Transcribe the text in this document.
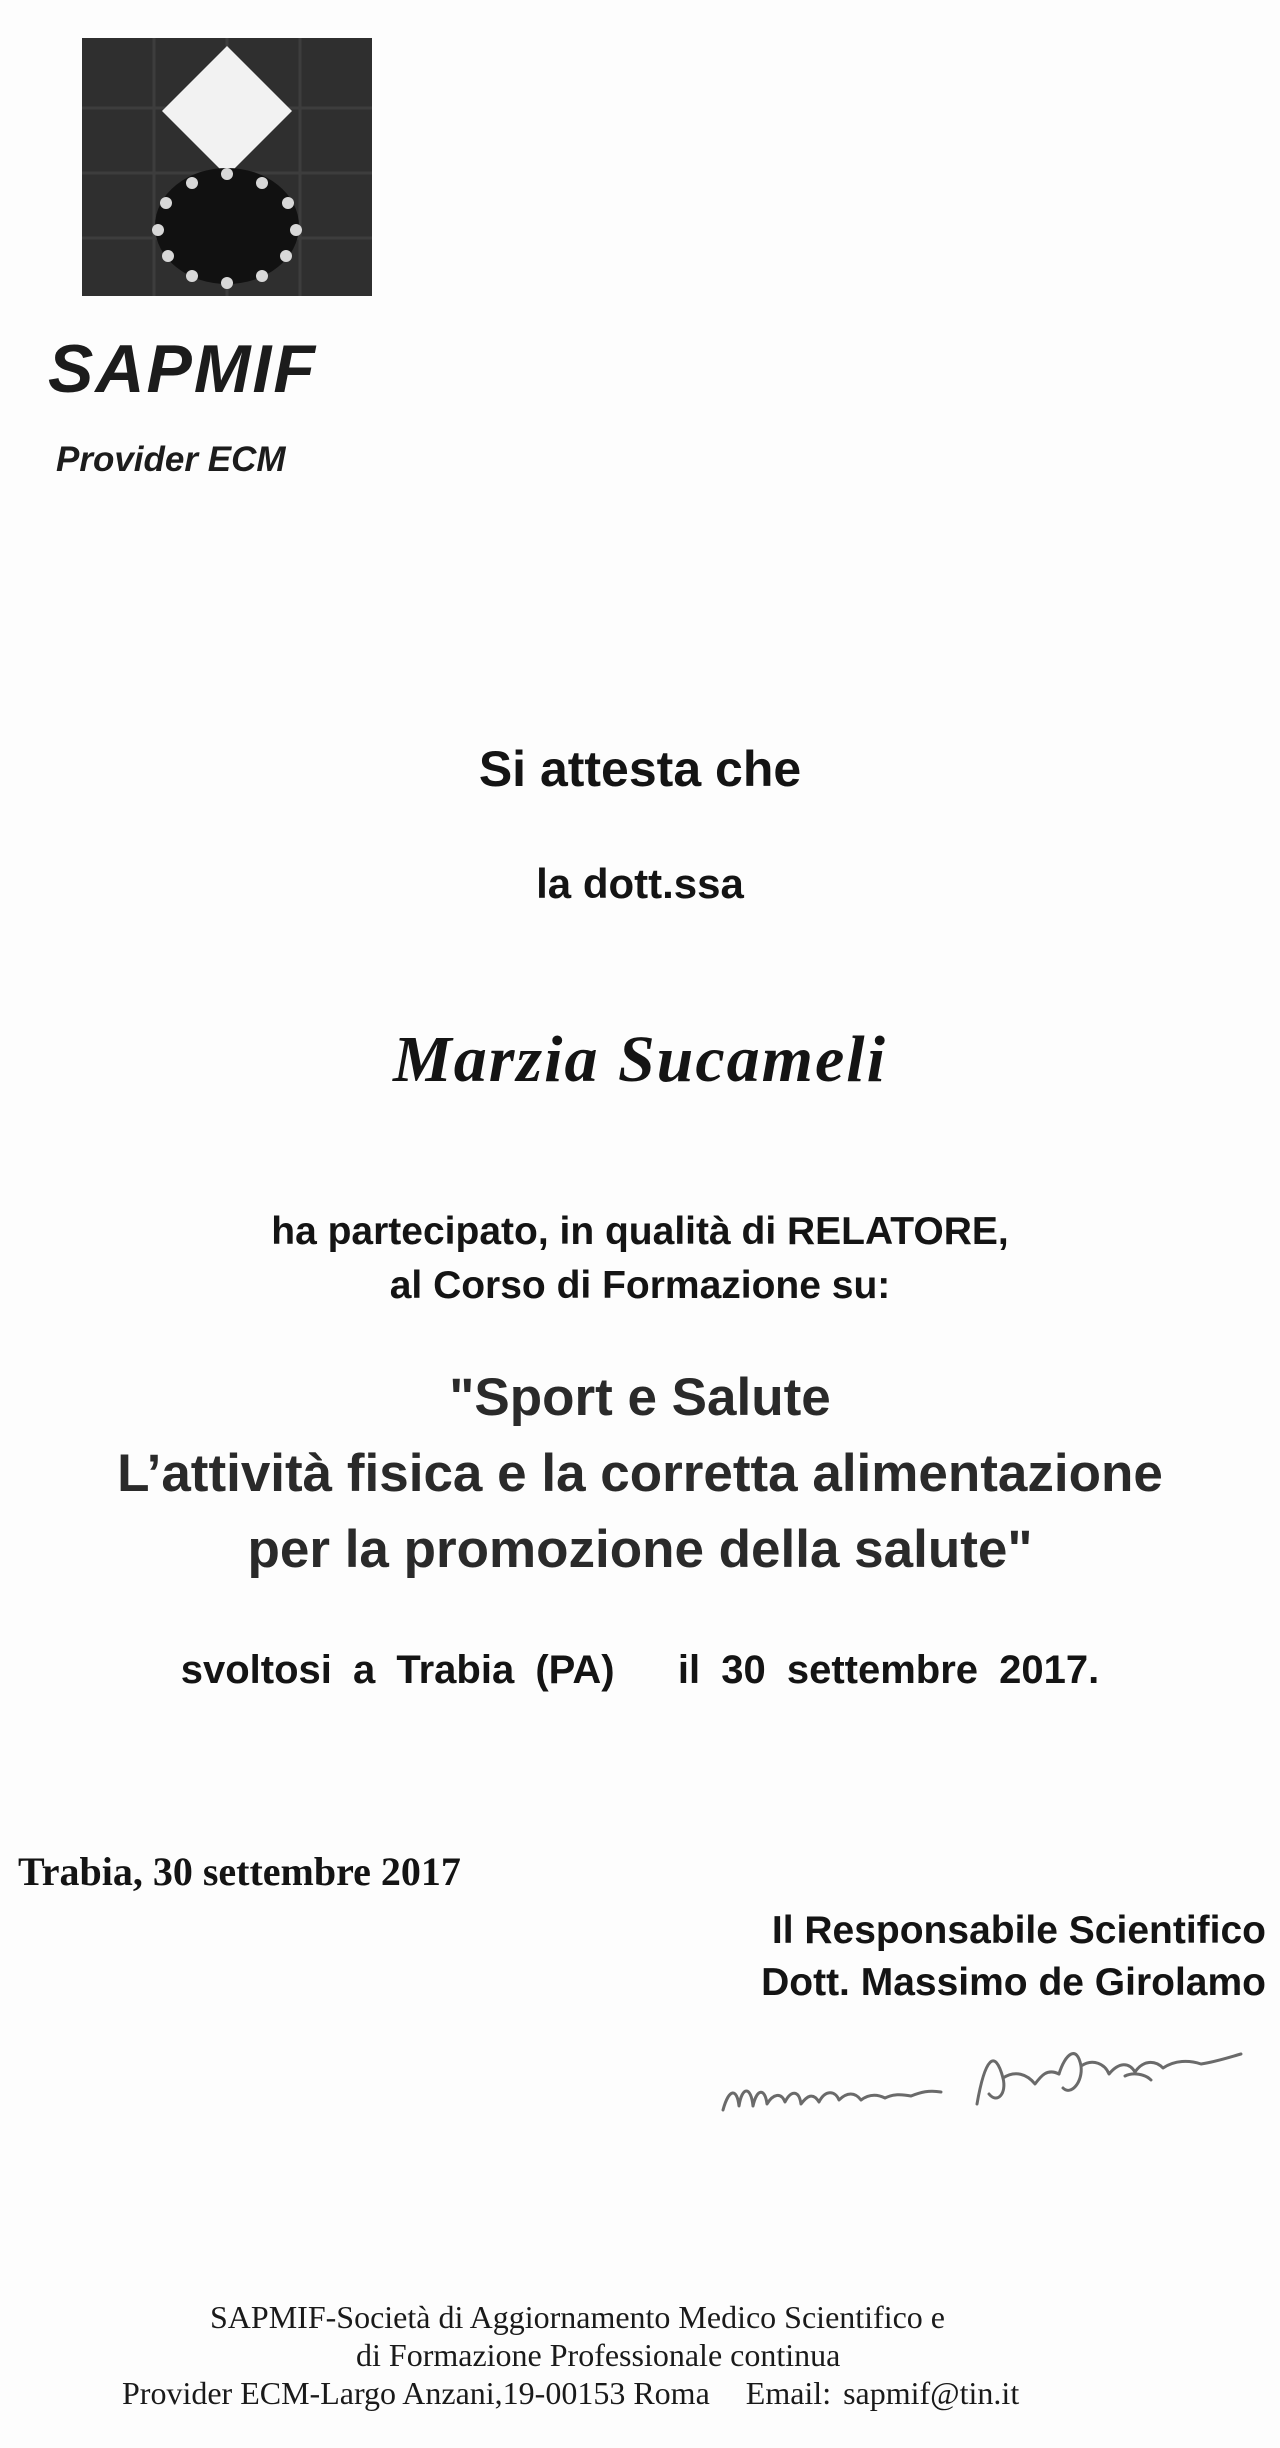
SAPMIF
Provider ECM
Si attesta che
la dott.ssa
Marzia Sucameli
ha partecipato, in qualità di RELATORE,
al Corso di Formazione su:
"Sport e Salute
L’attività fisica e la corretta alimentazione
per la promozione della salute"
svoltosi a Trabia (PA)   il 30 settembre 2017.
Trabia, 30 settembre 2017
Il Responsabile Scientifico
Dott. Massimo de Girolamo
SAPMIF-Società di Aggiornamento Medico Scientifico e
di Formazione Professionale continua
Provider ECM-Largo Anzani,19-00153 Roma Email: sapmif@tin.it
